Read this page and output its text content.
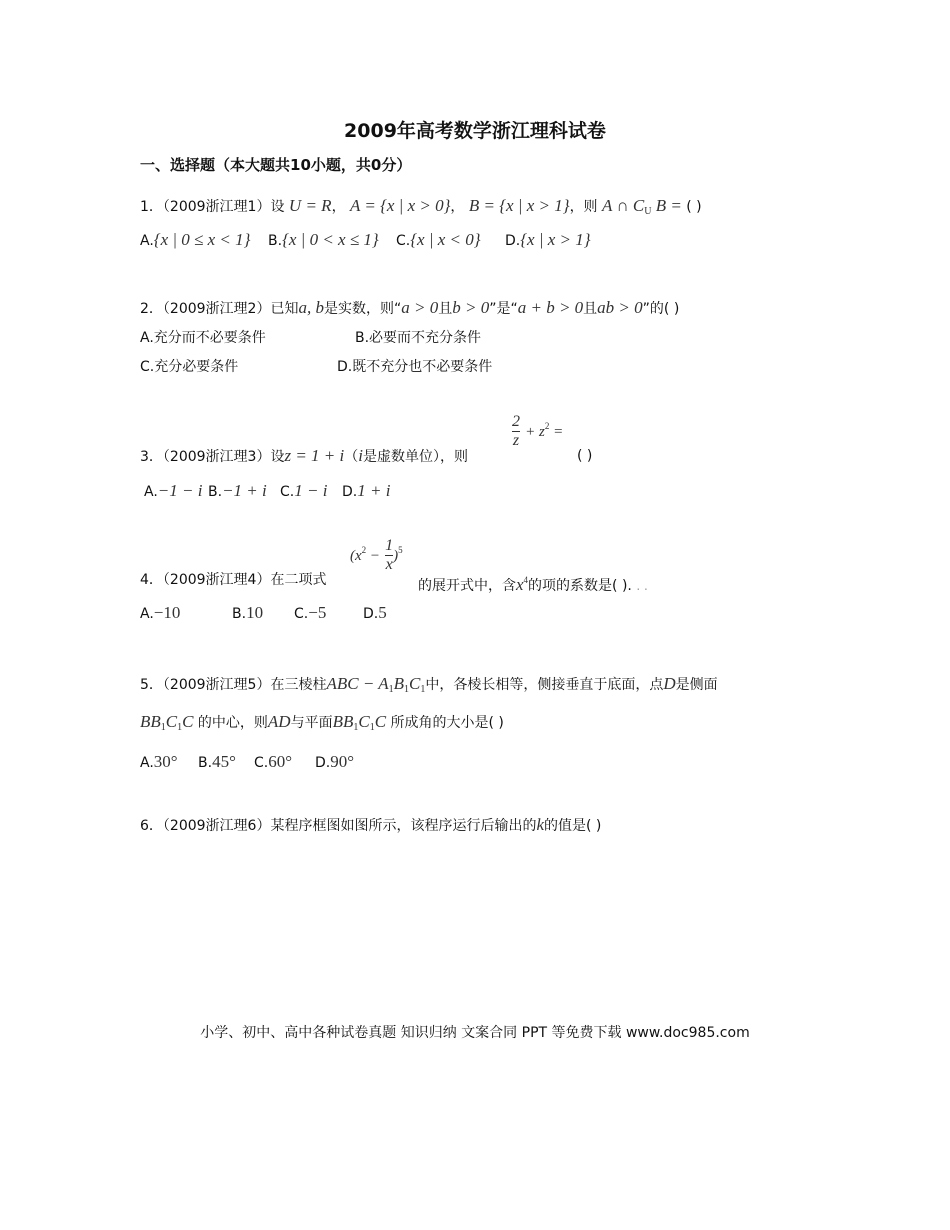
2009年高考数学浙江理科试卷
一、选择题（本大题共10小题，共0分）
1．（2009浙江理1）设 U = R， A = {x | x > 0}， B = {x | x > 1}，则 A ∩ $C_U$ B = ( )
A.{x | 0 ≤ x < 1} B.{x | 0 < x ≤ 1} C.{x | x < 0} D.{x | x > 1}
2．（2009浙江理2）已知a, b是实数，则“a > 0且b > 0”是“a + b > 0且ab > 0”的( )
A.充分而不必要条件	B.必要而不充分条件
C.充分必要条件	D.既不充分也不必要条件
3．（2009浙江理3）设z = 1 + i（i是虚数单位），则
$\frac{2}{z} + z^2$ =
( )
A.−1 − i B.−1 + i C.1 − i D.1 + i
4．（2009浙江理4）在二项式
$(x^2 - \frac{1}{x})^5$
的展开式中，含$x^4$的项的系数是( ). . .
A.−10	B.10 C.−5	D.5
5．（2009浙江理5）在三棱柱ABC − $A_1B_1C_1$中，各棱长相等，侧接垂直于底面，点D是侧面
$BB_1C_1C$ 的中心，则AD与平面$BB_1C_1C$ 所成角的大小是( )
A.30° B.45° C.60° D.90°
6．（2009浙江理6）某程序框图如图所示，该程序运行后输出的k的值是( )
小学、初中、高中各种试卷真题 知识归纳 文案合同 PPT 等免费下载 www.doc985.com
